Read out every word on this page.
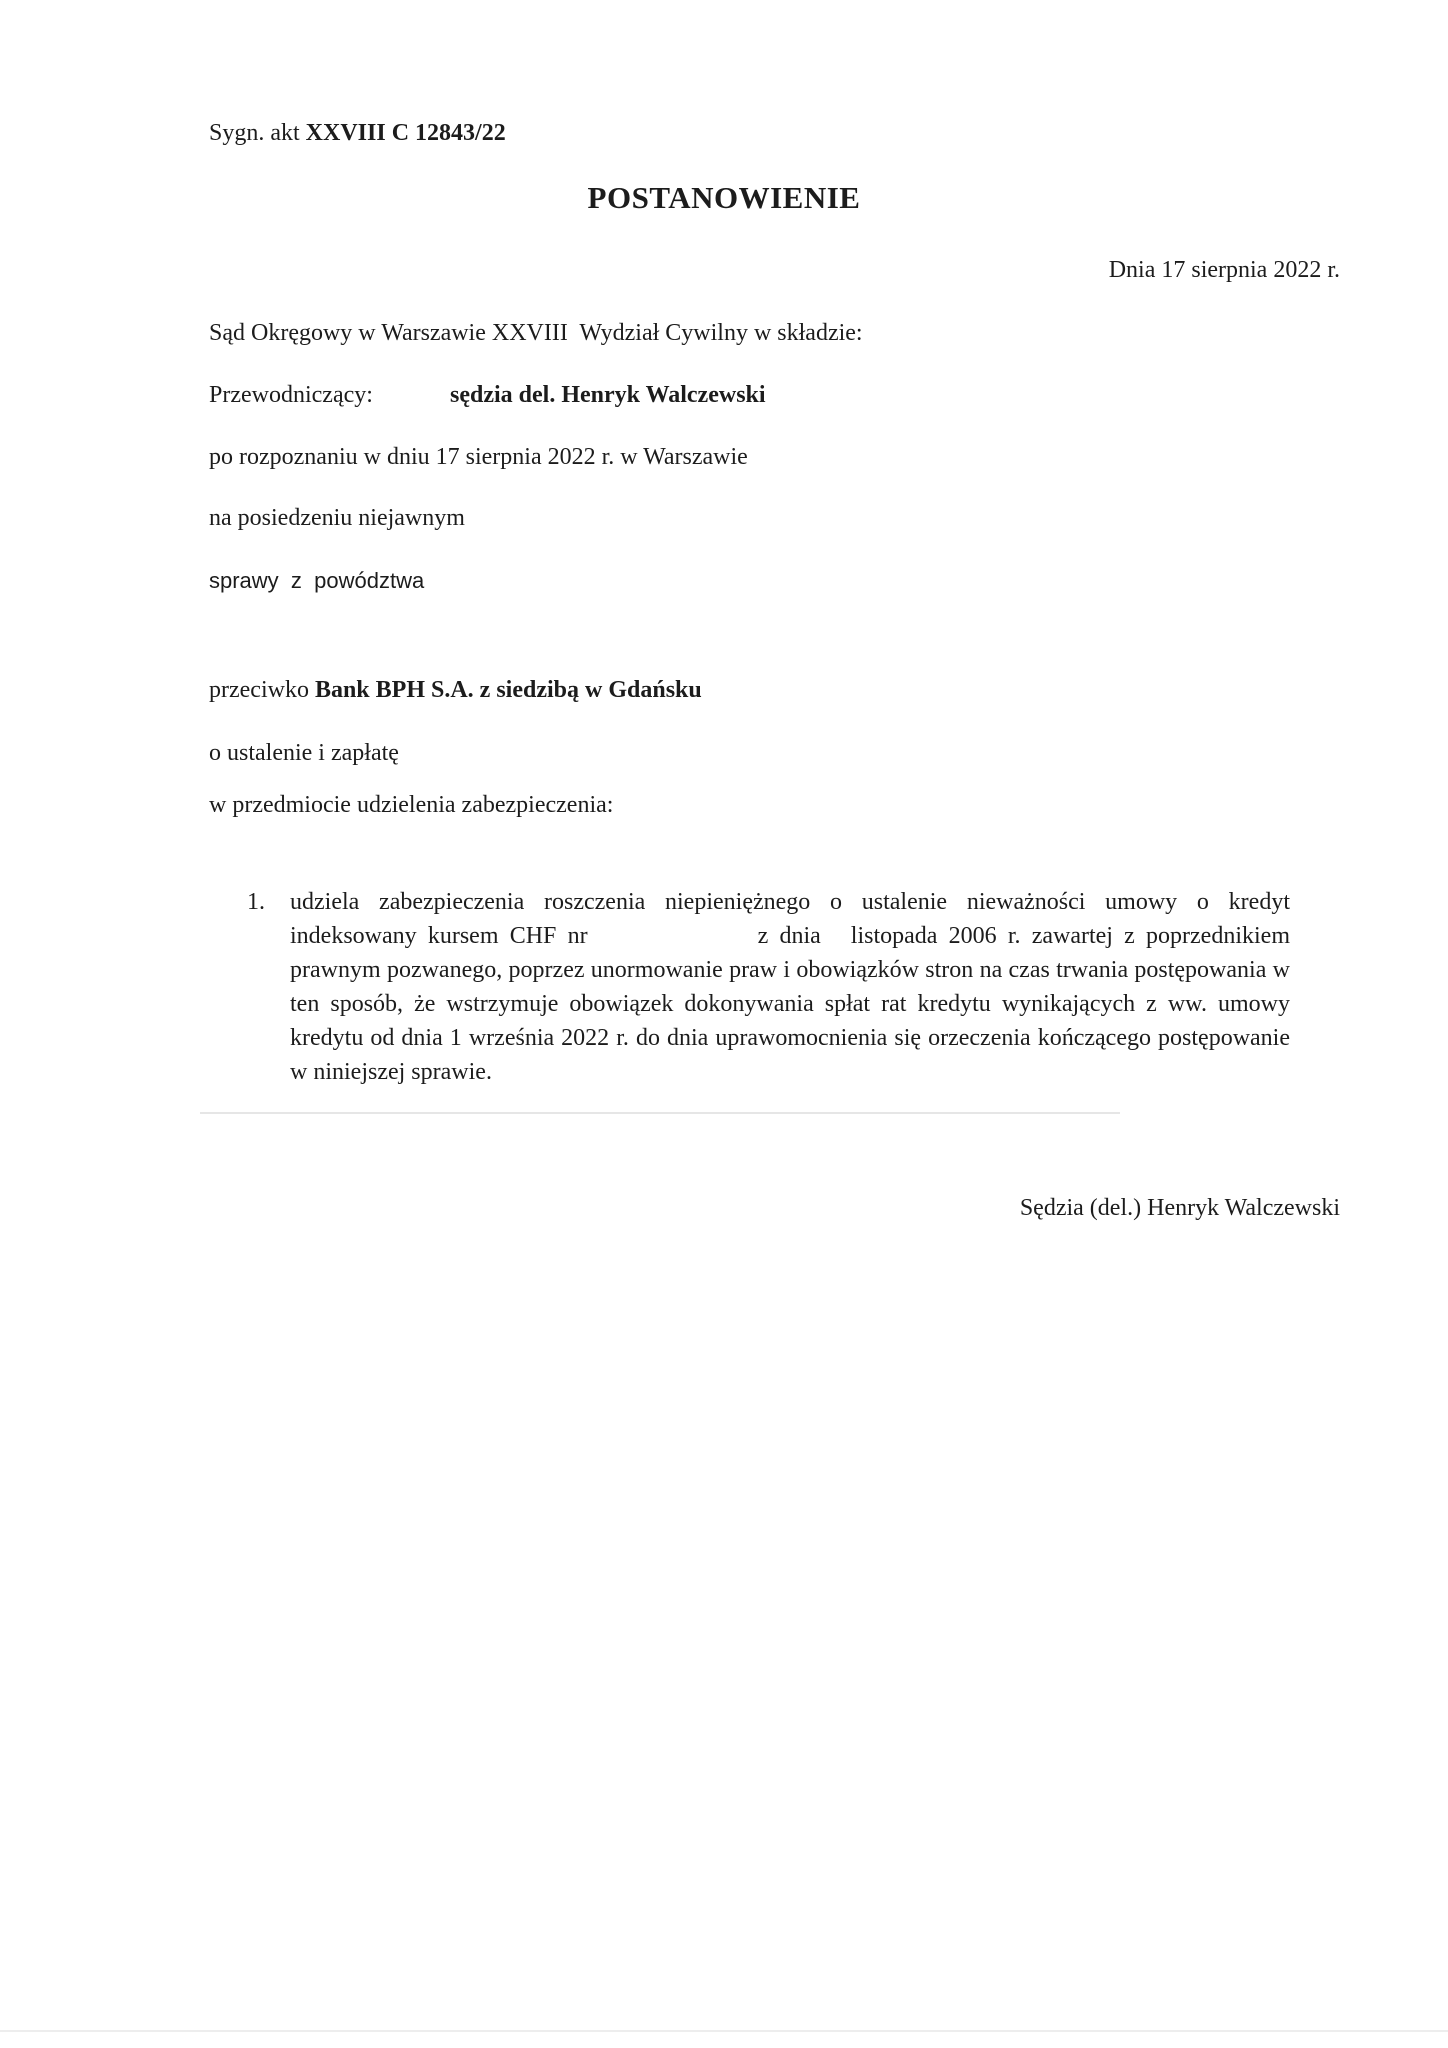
Sygn. akt XXVIII C 12843/22
POSTANOWIENIE
Dnia 17 sierpnia 2022 r.
Sąd Okręgowy w Warszawie XXVIII  Wydział Cywilny w składzie:
Przewodniczący:	sędzia del. Henryk Walczewski
po rozpoznaniu w dniu 17 sierpnia 2022 r. w Warszawie
na posiedzeniu niejawnym
sprawy  z  powództwa
przeciwko Bank BPH S.A. z siedzibą w Gdańsku
o ustalenie i zapłatę
w przedmiocie udzielenia zabezpieczenia:
1. udziela zabezpieczenia roszczenia niepieniężnego o ustalenie nieważności umowy o kredyt
indeksowany kursem CHF nr	z dnia listopada 2006 r. zawartej z poprzednikiem
prawnym pozwanego, poprzez unormowanie praw i obowiązków stron na czas trwania postępowania w
ten sposób, że wstrzymuje obowiązek dokonywania spłat rat kredytu wynikających z ww. umowy
kredytu od dnia 1 września 2022 r. do dnia uprawomocnienia się orzeczenia kończącego postępowanie
w niniejszej sprawie.
Sędzia (del.) Henryk Walczewski
